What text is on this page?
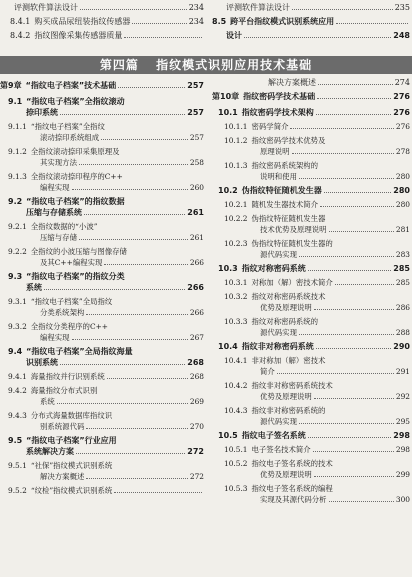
评测软件算法设计	234
8.4.1 购买成品尿纽装指纹传感器	234
8.4.2 指纹图像采集传感器质量
评测软件算法设计	235
8.5 跨平台指纹模式识别系统应用
设计	248
第四篇 指纹模式识别应用技术基础
第9章 “指纹电子档案”技术基础	257
9.1 “指纹电子档案”全指纹滚动
捺印系统	257
9.1.1 “指纹电子档案”全指纹
滚动捺印系统组成	257
9.1.2 全指纹滚动捺印采集原理及
其实现方法	258
9.1.3 全指纹滚动捺印程序的C++
编程实现	260
9.2 “指纹电子档案”的指纹数据
压缩与存储系统	261
9.2.1 全指纹数据的“小波”
压缩与存储	261
9.2.2 全指纹的小波压缩与图像存储
及其C++编程实现	266
9.3 “指纹电子档案”的指纹分类
系统	266
9.3.1 “指纹电子档案”全局指纹
分类系统架构	266
9.3.2 全指纹分类程序的C++
编程实现	267
9.4 “指纹电子档案”全局指纹海量
识别系统	268
9.4.1 海量指纹并行识别系统	268
9.4.2 海量指纹分布式识别
系统	269
9.4.3 分布式海量数据库指纹识
别系统源代码	270
9.5 “指纹电子档案”行业应用
系统解决方案	272
9.5.1 “社保”指纹模式识别系统
解决方案概述	272
9.5.2 “纹检”指纹模式识别系统
解决方案概述	274
第10章 指纹密码学技术基础	276
10.1 指纹密码学技术架构	276
10.1.1 密码学简介	276
10.1.2 指纹密码学技术优势及
原理说明	278
10.1.3 指纹密码系统架构的
说明和使用	280
10.2 伪指纹特征随机发生器	280
10.2.1 随机发生器技术简介	280
10.2.2 伪指纹特征随机发生器
技术优势及原理说明	281
10.2.3 伪指纹特征随机发生器的
源代码实现	283
10.3 指纹对称密码系统	285
10.3.1 对称加（解）密技术简介	285
10.3.2 指纹对称密码系统技术
优势及原理说明	286
10.3.3 指纹对称密码系统的
源代码实现	288
10.4 指纹非对称密码系统	290
10.4.1 非对称加（解）密技术
简介	291
10.4.2 指纹非对称密码系统技术
优势及原理说明	292
10.4.3 指纹非对称密码系统的
源代码实现	295
10.5 指纹电子签名系统	298
10.5.1 电子签名技术简介	298
10.5.2 指纹电子签名系统的技术
优势及原理说明	299
10.5.3 指纹电子签名系统的编程
实现及其源代码分析	300
